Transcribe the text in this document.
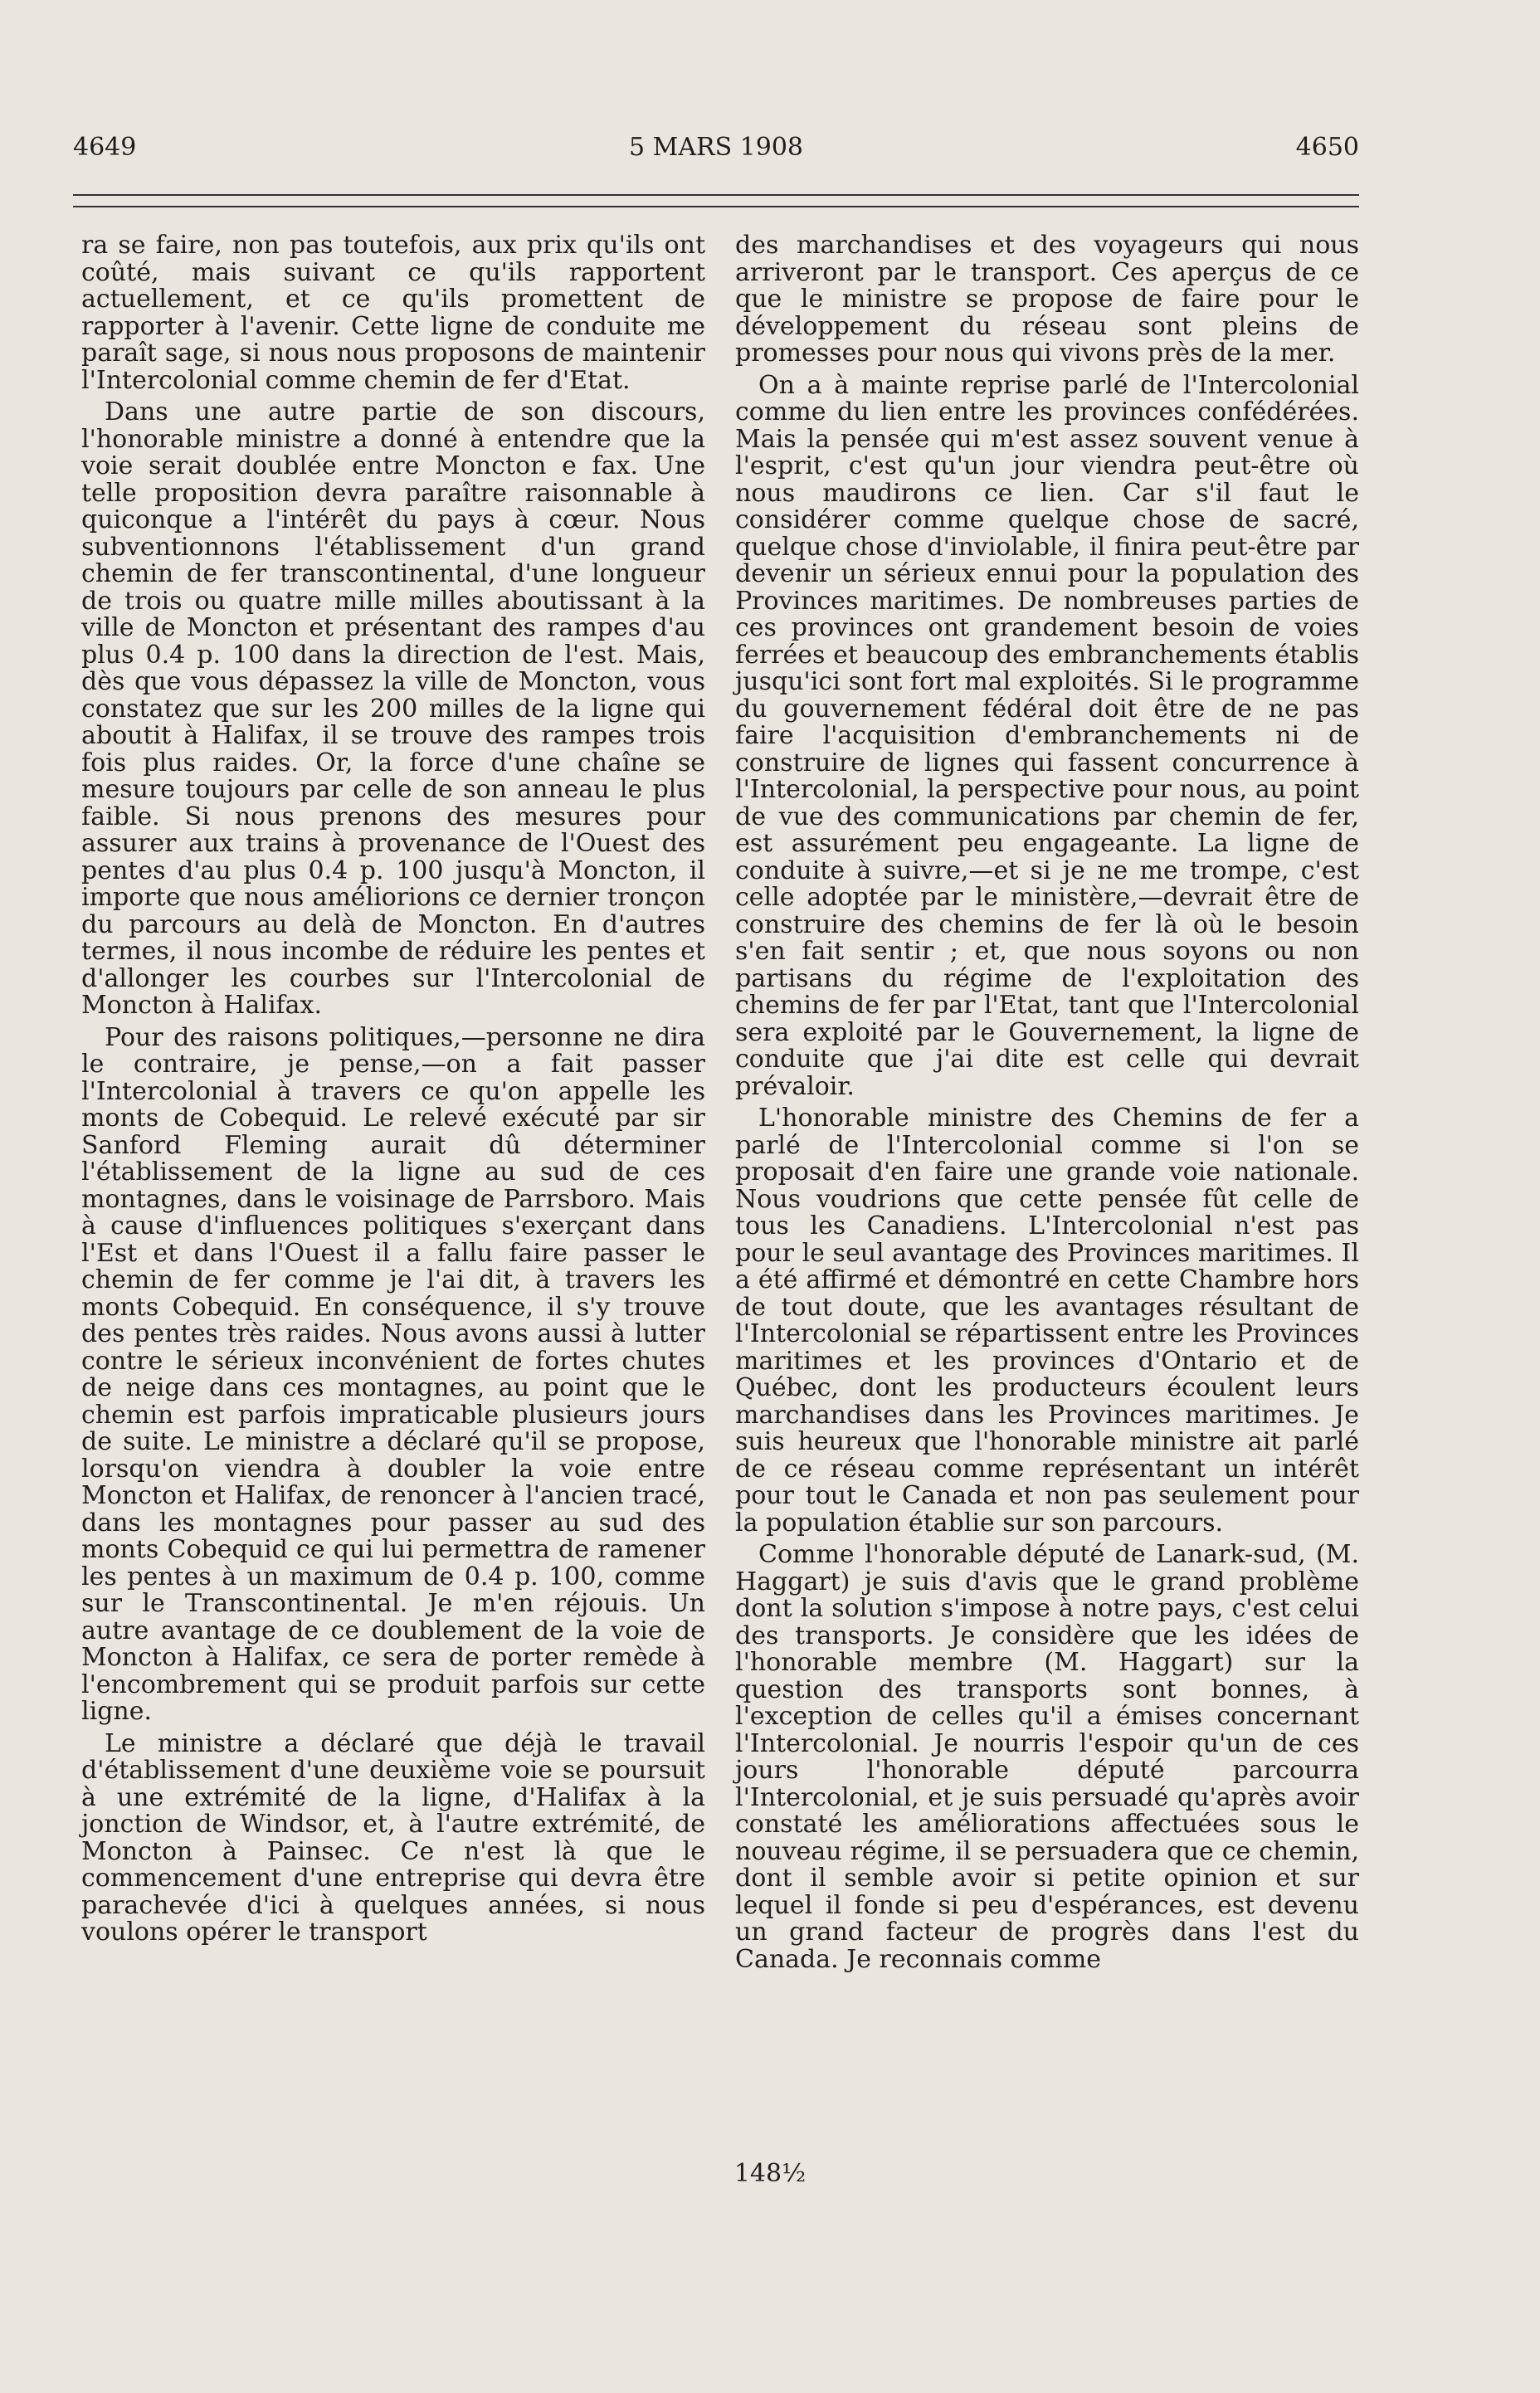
4649	5 MARS 1908	4650

ra se faire, non pas toutefois, aux prix qu'ils ont coûté, mais suivant ce qu'ils rapportent actuellement, et ce qu'ils promettent de rapporter à l'avenir. Cette ligne de conduite me paraît sage, si nous nous proposons de maintenir l'Intercolonial comme chemin de fer d'Etat.

Dans une autre partie de son discours, l'honorable ministre a donné à entendre que la voie serait doublée entre Moncton e fax. Une telle proposition devra paraître raisonnable à quiconque a l'intérêt du pays à cœur. Nous subventionnons l'établissement d'un grand chemin de fer transcontinental, d'une longueur de trois ou quatre mille milles aboutissant à la ville de Moncton et présentant des rampes d'au plus 0.4 p. 100 dans la direction de l'est. Mais, dès que vous dépassez la ville de Moncton, vous constatez que sur les 200 milles de la ligne qui aboutit à Halifax, il se trouve des rampes trois fois plus raides. Or, la force d'une chaîne se mesure toujours par celle de son anneau le plus faible. Si nous prenons des mesures pour assurer aux trains à provenance de l'Ouest des pentes d'au plus 0.4 p. 100 jusqu'à Moncton, il importe que nous améliorions ce dernier tronçon du parcours au delà de Moncton. En d'autres termes, il nous incombe de réduire les pentes et d'allonger les courbes sur l'Intercolonial de Moncton à Halifax.

Pour des raisons politiques,—personne ne dira le contraire, je pense,—on a fait passer l'Intercolonial à travers ce qu'on appelle les monts de Cobequid. Le relevé exécuté par sir Sanford Fleming aurait dû déterminer l'établissement de la ligne au sud de ces montagnes, dans le voisinage de Parrsboro. Mais à cause d'influences politiques s'exerçant dans l'Est et dans l'Ouest il a fallu faire passer le chemin de fer comme je l'ai dit, à travers les monts Cobequid. En conséquence, il s'y trouve des pentes très raides. Nous avons aussi à lutter contre le sérieux inconvénient de fortes chutes de neige dans ces montagnes, au point que le chemin est parfois impraticable plusieurs jours de suite. Le ministre a déclaré qu'il se propose, lorsqu'on viendra à doubler la voie entre Moncton et Halifax, de renoncer à l'ancien tracé, dans les montagnes pour passer au sud des monts Cobequid ce qui lui permettra de ramener les pentes à un maximum de 0.4 p. 100, comme sur le Transcontinental. Je m'en réjouis. Un autre avantage de ce doublement de la voie de Moncton à Halifax, ce sera de porter remède à l'encombrement qui se produit parfois sur cette ligne.

Le ministre a déclaré que déjà le travail d'établissement d'une deuxième voie se poursuit à une extrémité de la ligne, d'Halifax à la jonction de Windsor, et, à l'autre extrémité, de Moncton à Painsec. Ce n'est là que le commencement d'une entreprise qui devra être parachevée d'ici à quelques années, si nous voulons opérer le transport

des marchandises et des voyageurs qui nous arriveront par le transport. Ces aperçus de ce que le ministre se propose de faire pour le développement du réseau sont pleins de promesses pour nous qui vivons près de la mer.

On a à mainte reprise parlé de l'Intercolonial comme du lien entre les provinces confédérées. Mais la pensée qui m'est assez souvent venue à l'esprit, c'est qu'un jour viendra peut-être où nous maudirons ce lien. Car s'il faut le considérer comme quelque chose de sacré, quelque chose d'inviolable, il finira peut-être par devenir un sérieux ennui pour la population des Provinces maritimes. De nombreuses parties de ces provinces ont grandement besoin de voies ferrées et beaucoup des embranchements établis jusqu'ici sont fort mal exploités. Si le programme du gouvernement fédéral doit être de ne pas faire l'acquisition d'embranchements ni de construire de lignes qui fassent concurrence à l'Intercolonial, la perspective pour nous, au point de vue des communications par chemin de fer, est assurément peu engageante. La ligne de conduite à suivre,—et si je ne me trompe, c'est celle adoptée par le ministère,—devrait être de construire des chemins de fer là où le besoin s'en fait sentir ; et, que nous soyons ou non partisans du régime de l'exploitation des chemins de fer par l'Etat, tant que l'Intercolonial sera exploité par le Gouvernement, la ligne de conduite que j'ai dite est celle qui devrait prévaloir.

L'honorable ministre des Chemins de fer a parlé de l'Intercolonial comme si l'on se proposait d'en faire une grande voie nationale. Nous voudrions que cette pensée fût celle de tous les Canadiens. L'Intercolonial n'est pas pour le seul avantage des Provinces maritimes. Il a été affirmé et démontré en cette Chambre hors de tout doute, que les avantages résultant de l'Intercolonial se répartissent entre les Provinces maritimes et les provinces d'Ontario et de Québec, dont les producteurs écoulent leurs marchandises dans les Provinces maritimes. Je suis heureux que l'honorable ministre ait parlé de ce réseau comme représentant un intérêt pour tout le Canada et non pas seulement pour la population établie sur son parcours.

Comme l'honorable député de Lanark-sud, (M. Haggart) je suis d'avis que le grand problème dont la solution s'impose à notre pays, c'est celui des transports. Je considère que les idées de l'honorable membre (M. Haggart) sur la question des transports sont bonnes, à l'exception de celles qu'il a émises concernant l'Intercolonial. Je nourris l'espoir qu'un de ces jours l'honorable député parcourra l'Intercolonial, et je suis persuadé qu'après avoir constaté les améliorations affectuées sous le nouveau régime, il se persuadera que ce chemin, dont il semble avoir si petite opinion et sur lequel il fonde si peu d'espérances, est devenu un grand facteur de progrès dans l'est du Canada. Je reconnais comme

148½
